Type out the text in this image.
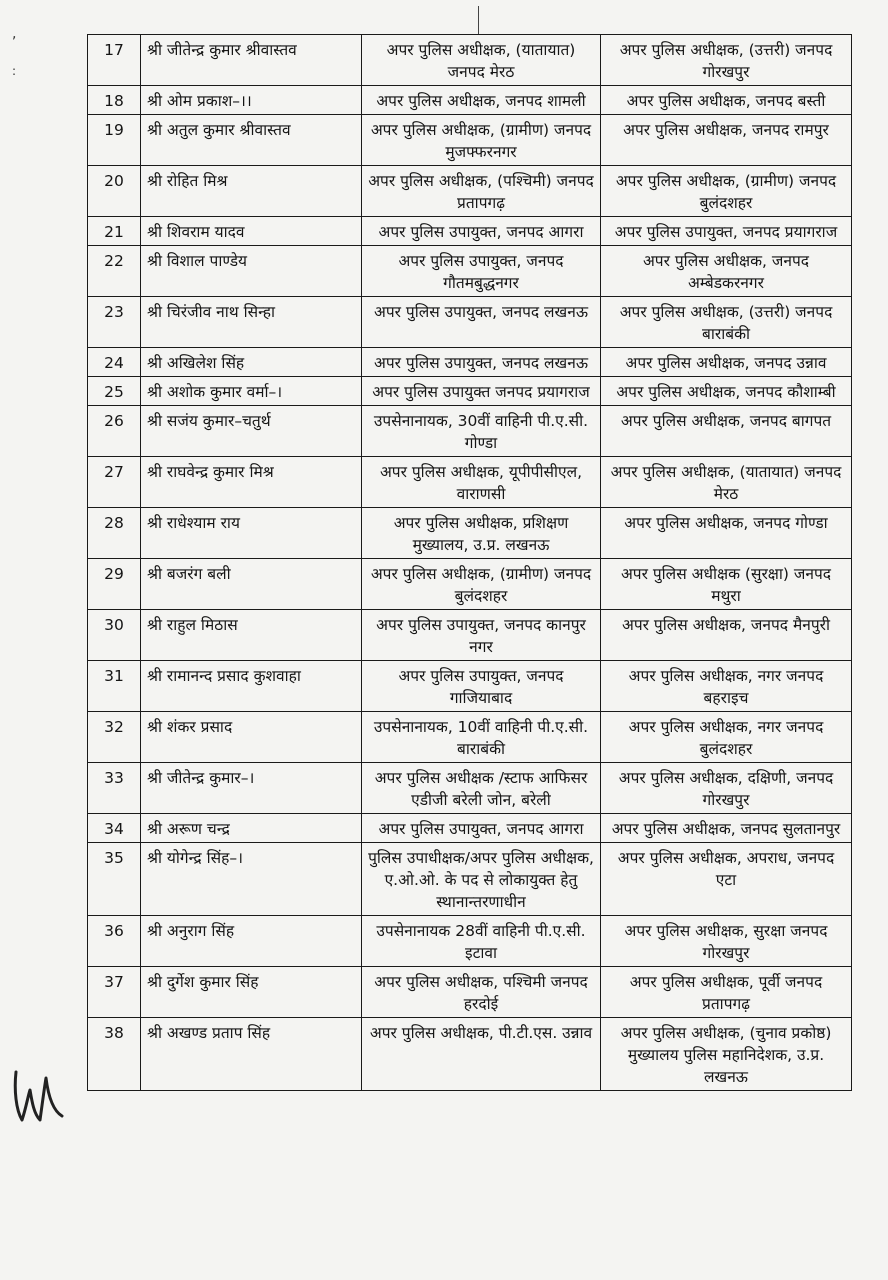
,
:
17	श्री जीतेन्द्र कुमार श्रीवास्तव	अपर पुलिस अधीक्षक, (यातायात) जनपद मेरठ	अपर पुलिस अधीक्षक, (उत्तरी) जनपद गोरखपुर
18	श्री ओम प्रकाश–।।	अपर पुलिस अधीक्षक, जनपद शामली	अपर पुलिस अधीक्षक, जनपद बस्ती
19	श्री अतुल कुमार श्रीवास्तव	अपर पुलिस अधीक्षक, (ग्रामीण) जनपद मुजफ्फरनगर	अपर पुलिस अधीक्षक, जनपद रामपुर
20	श्री रोहित मिश्र	अपर पुलिस अधीक्षक, (पश्चिमी) जनपद प्रतापगढ़	अपर पुलिस अधीक्षक, (ग्रामीण) जनपद बुलंदशहर
21	श्री शिवराम यादव	अपर पुलिस उपायुक्त, जनपद आगरा	अपर पुलिस उपायुक्त, जनपद प्रयागराज
22	श्री विशाल पाण्डेय	अपर पुलिस उपायुक्त, जनपद गौतमबुद्धनगर	अपर पुलिस अधीक्षक, जनपद अम्बेडकरनगर
23	श्री चिरंजीव नाथ सिन्हा	अपर पुलिस उपायुक्त, जनपद लखनऊ	अपर पुलिस अधीक्षक, (उत्तरी) जनपद बाराबंकी
24	श्री अखिलेश सिंह	अपर पुलिस उपायुक्त, जनपद लखनऊ	अपर पुलिस अधीक्षक, जनपद उन्नाव
25	श्री अशोक कुमार वर्मा–।	अपर पुलिस उपायुक्त जनपद प्रयागराज	अपर पुलिस अधीक्षक, जनपद कौशाम्बी
26	श्री सजंय कुमार–चतुर्थ	उपसेनानायक, 30वीं वाहिनी पी.ए.सी. गोण्डा	अपर पुलिस अधीक्षक, जनपद बागपत
27	श्री राघवेन्द्र कुमार मिश्र	अपर पुलिस अधीक्षक, यूपीपीसीएल, वाराणसी	अपर पुलिस अधीक्षक, (यातायात) जनपद मेरठ
28	श्री राधेश्याम राय	अपर पुलिस अधीक्षक, प्रशिक्षण मुख्यालय, उ.प्र. लखनऊ	अपर पुलिस अधीक्षक, जनपद गोण्डा
29	श्री बजरंग बली	अपर पुलिस अधीक्षक, (ग्रामीण) जनपद बुलंदशहर	अपर पुलिस अधीक्षक (सुरक्षा) जनपद मथुरा
30	श्री राहुल मिठास	अपर पुलिस उपायुक्त, जनपद कानपुर नगर	अपर पुलिस अधीक्षक, जनपद मैनपुरी
31	श्री रामानन्द प्रसाद कुशवाहा	अपर पुलिस उपायुक्त, जनपद गाजियाबाद	अपर पुलिस अधीक्षक, नगर जनपद बहराइच
32	श्री शंकर प्रसाद	उपसेनानायक, 10वीं वाहिनी पी.ए.सी. बाराबंकी	अपर पुलिस अधीक्षक, नगर जनपद बुलंदशहर
33	श्री जीतेन्द्र कुमार–।	अपर पुलिस अधीक्षक /स्टाफ आफिसर एडीजी बरेली जोन, बरेली	अपर पुलिस अधीक्षक, दक्षिणी, जनपद गोरखपुर
34	श्री अरूण चन्द्र	अपर पुलिस उपायुक्त, जनपद आगरा	अपर पुलिस अधीक्षक, जनपद सुलतानपुर
35	श्री योगेन्द्र सिंह–।	पुलिस उपाधीक्षक/अपर पुलिस अधीक्षक, ए.ओ.ओ. के पद से लोकायुक्त हेतु स्थानान्तरणाधीन	अपर पुलिस अधीक्षक, अपराध, जनपद एटा
36	श्री अनुराग सिंह	उपसेनानायक 28वीं वाहिनी पी.ए.सी. इटावा	अपर पुलिस अधीक्षक, सुरक्षा जनपद गोरखपुर
37	श्री दुर्गेश कुमार सिंह	अपर पुलिस अधीक्षक, पश्चिमी जनपद हरदोई	अपर पुलिस अधीक्षक, पूर्वी जनपद प्रतापगढ़
38	श्री अखण्ड प्रताप सिंह	अपर पुलिस अधीक्षक, पी.टी.एस. उन्नाव	अपर पुलिस अधीक्षक, (चुनाव प्रकोष्ठ) मुख्यालय पुलिस महानिदेशक, उ.प्र. लखनऊ
